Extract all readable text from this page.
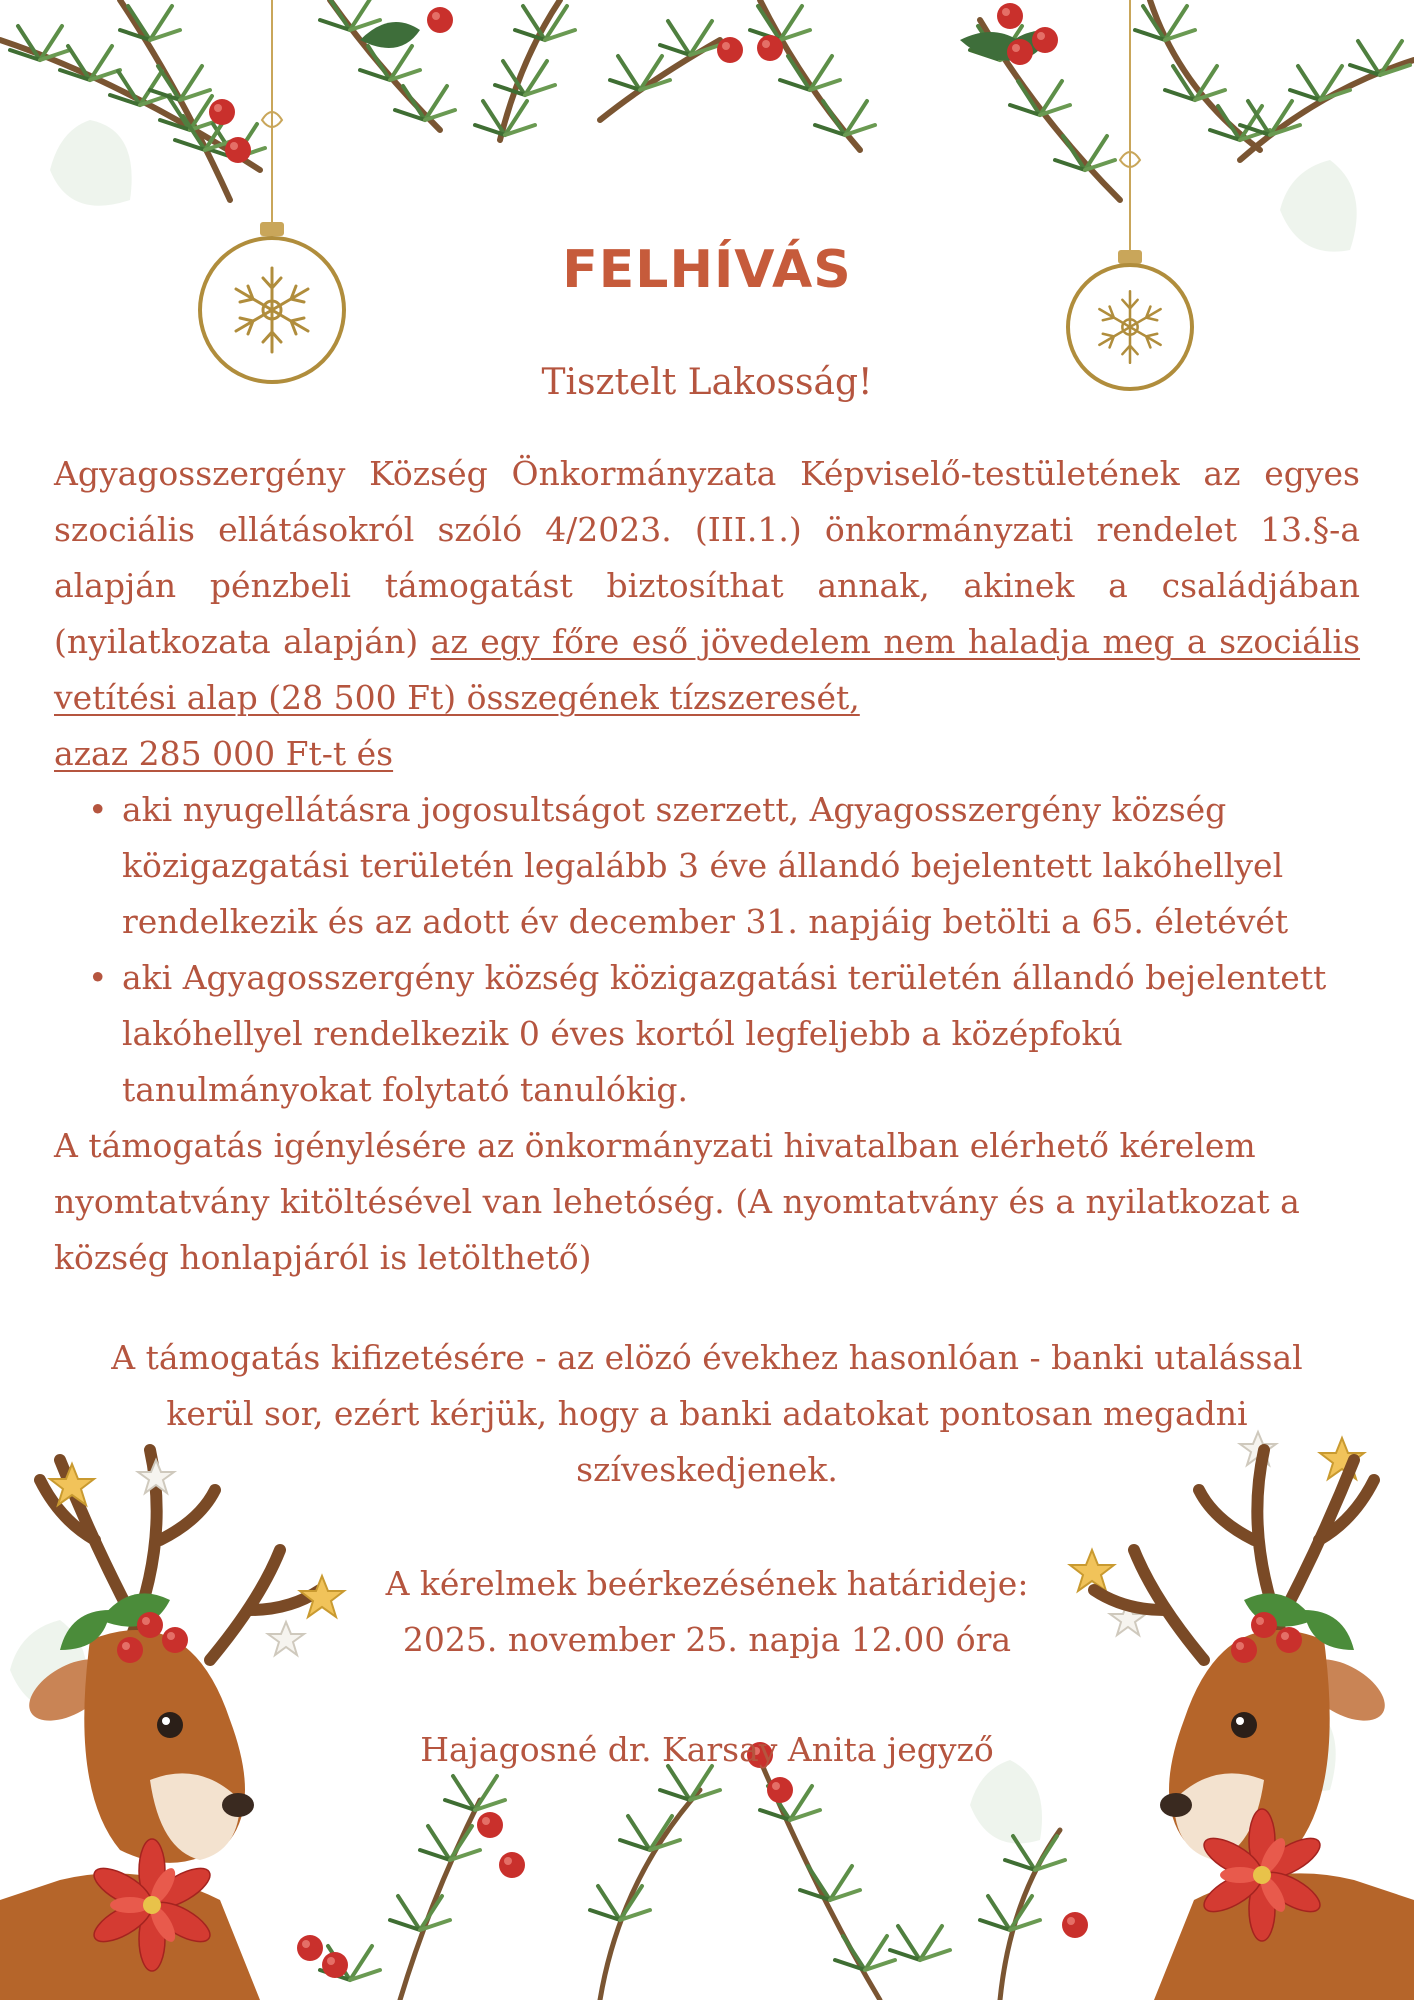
FELHÍVÁS
Tisztelt Lakosság!

Agyagosszergény Község Önkormányzata Képviselő-testületének az egyes szociális ellátásokról szóló 4/2023. (III.1.) önkormányzati rendelet 13.§-a alapján pénzbeli támogatást biztosíthat annak, akinek a családjában (nyilatkozata alapján) az egy főre eső jövedelem nem haladja meg a szociális vetítési alap (28 500 Ft) összegének tízszeresét,

azaz 285 000 Ft-t és

• aki nyugellátásra jogosultságot szerzett, Agyagosszergény község közigazgatási területén legalább 3 éve állandó bejelentett lakóhellyel rendelkezik és az adott év december 31. napjáig betölti a 65. életévét
• aki Agyagosszergény község közigazgatási területén állandó bejelentett lakóhellyel rendelkezik 0 éves kortól legfeljebb a középfokú tanulmányokat folytató tanulókig.

A támogatás igénylésére az önkormányzati hivatalban elérhető kérelem nyomtatvány kitöltésével van lehetóség. (A nyomtatvány és a nyilatkozat a község honlapjáról is letölthető)

A támogatás kifizetésére - az elözó évekhez hasonlóan - banki utalással kerül sor, ezért kérjük, hogy a banki adatokat pontosan megadni szíveskedjenek.
A kérelmek beérkezésének határideje:
2025. november 25. napja 12.00 óra
Hajagosné dr. Karsay Anita jegyző
